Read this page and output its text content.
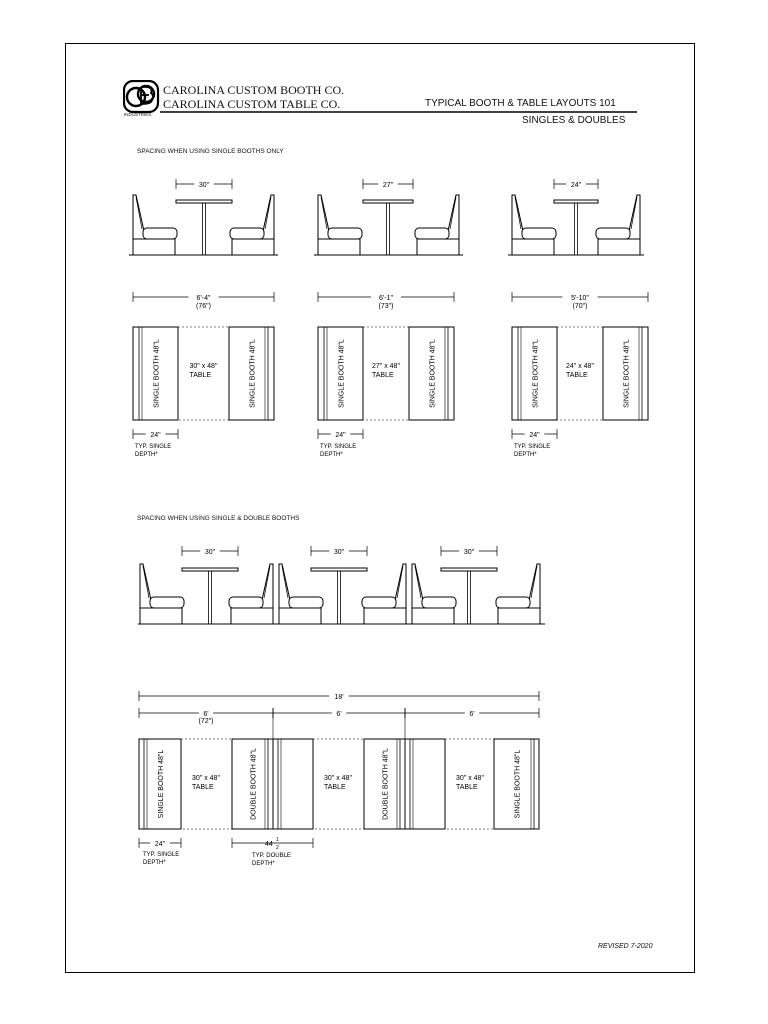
INDUSTRIES
CAROLINA CUSTOM BOOTH CO.
CAROLINA CUSTOM TABLE CO.	TYPICAL BOOTH & TABLE LAYOUTS 101
SINGLES & DOUBLES
SPACING WHEN USING SINGLE BOOTHS ONLY
SPACING WHEN USING SINGLE & DOUBLE BOOTHS
30"	27"	24"
6'-4"
(76")
SINGLE BOOTH 48"L	SINGLE BOOTH 48"L
30" x 48"
TABLE
24"
TYP. SINGLE
DEPTH*
6'-1"
(73")
SINGLE BOOTH 48"L	SINGLE BOOTH 48"L
27" x 48"
TABLE
24"
TYP. SINGLE
DEPTH*
5'-10"
(70")
SINGLE BOOTH 48"L	SINGLE BOOTH 48"L
24" x 48"
TABLE
24"
TYP. SINGLE
DEPTH*
30"	30"	30"
18'
6'
(72")
6'	6'
SINGLE BOOTH 48"L	DOUBLE BOOTH 48"L	DOUBLE BOOTH 48"L	SINGLE BOOTH 48"L
30" x 48"
TABLE
30" x 48"
TABLE
30" x 48"
TABLE
24"
TYP. SINGLE
DEPTH*
44
1
2
TYP. DOUBLE
DEPTH*
REVISED 7-2020
